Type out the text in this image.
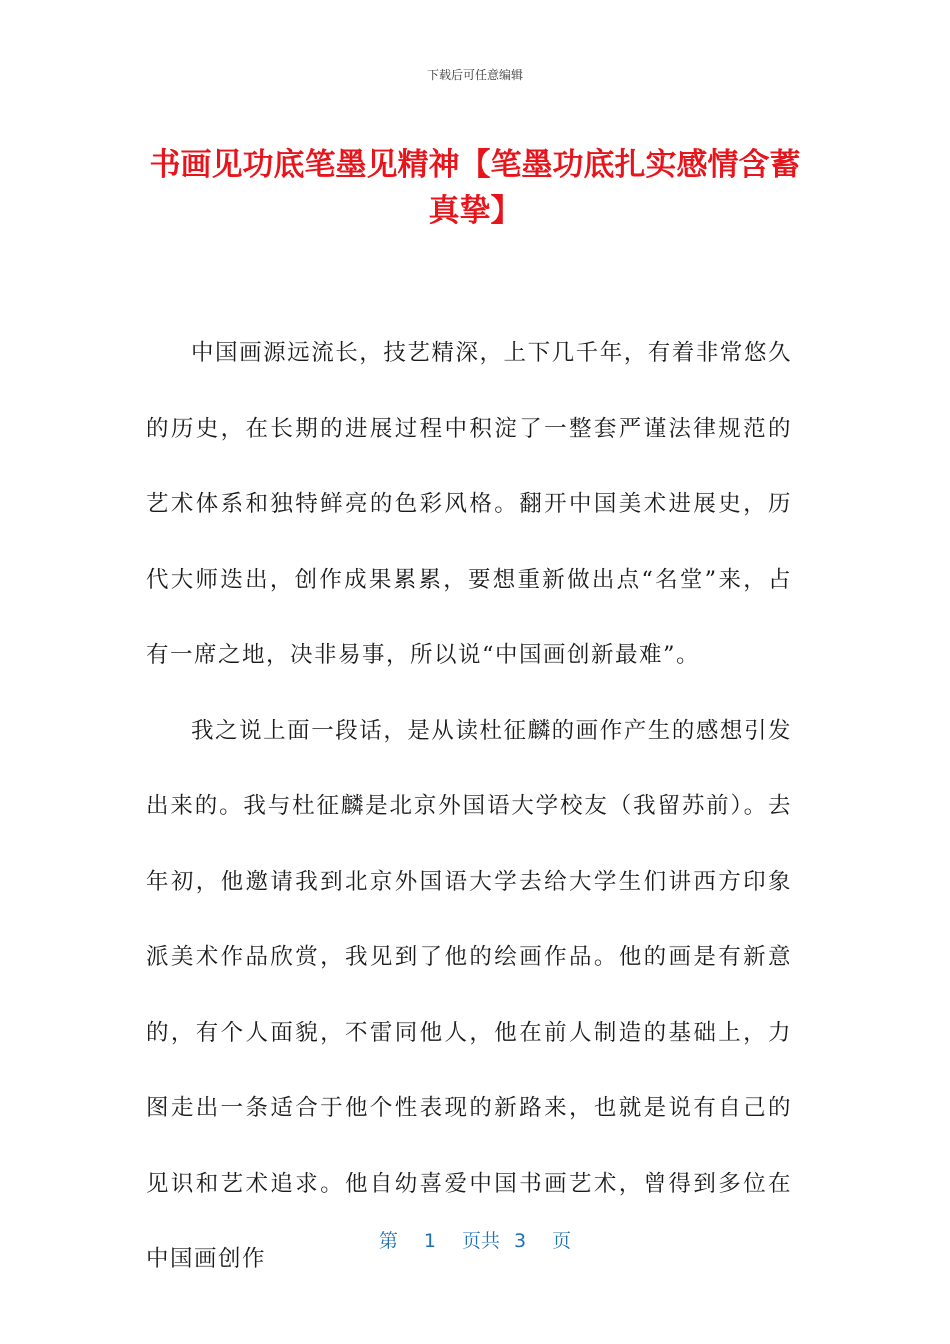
下载后可任意编辑
书画见功底笔墨见精神【笔墨功底扎实感情含蓄真挚】

中国画源远流长，技艺精深，上下几千年，有着非常悠久的历史，在长期的进展过程中积淀了一整套严谨法律规范的艺术体系和独特鲜亮的色彩风格。翻开中国美术进展史，历代大师迭出，创作成果累累，要想重新做出点“名堂”来，占有一席之地，决非易事，所以说“中国画创新最难”。

我之说上面一段话，是从读杜征麟的画作产生的感想引发出来的。我与杜征麟是北京外国语大学校友（我留苏前）。去年初，他邀请我到北京外国语大学去给大学生们讲西方印象派美术作品欣赏，我见到了他的绘画作品。他的画是有新意的，有个人面貌，不雷同他人，他在前人制造的基础上，力图走出一条适合于他个性表现的新路来，也就是说有自己的见识和艺术追求。他自幼喜爱中国书画艺术，曾得到多位在中国画创作

第 1 页共 3 页
